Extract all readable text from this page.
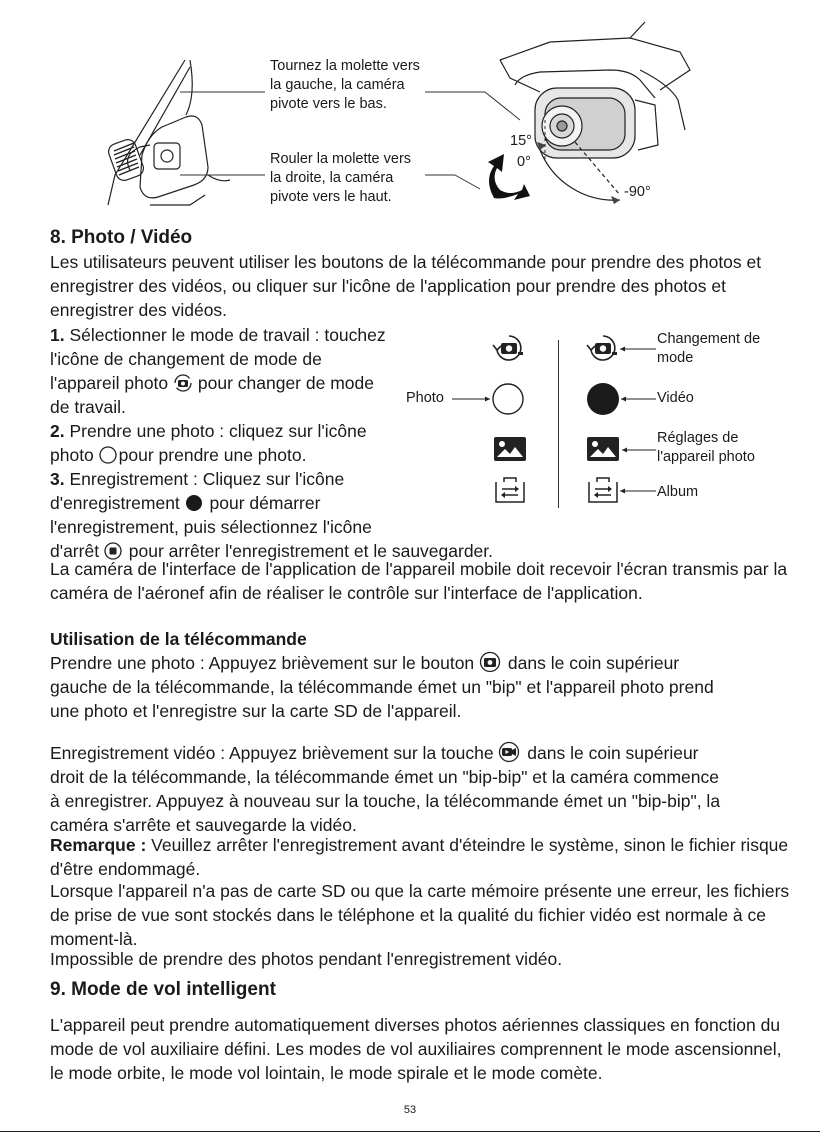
Tournez la molette vers
la gauche, la caméra
pivote vers le bas.
Rouler la molette vers
la droite, la caméra
pivote vers le haut.
15°
0°
-90°
8. Photo / Vidéo
Les utilisateurs peuvent utiliser les boutons de la télécommande pour prendre des photos et enregistrer des vidéos, ou cliquer sur l'icône de l'application pour prendre des photos et enregistrer des vidéos.
1. Sélectionner le mode de travail : touchez
l'icône de changement de mode de
l'appareil photo  pour changer de mode
de travail.
2. Prendre une photo : cliquez sur l'icône
photo pour prendre une photo.
3. Enregistrement : Cliquez sur l'icône
d'enregistrement  pour démarrer
l'enregistrement, puis sélectionnez l'icône
d'arrêt  pour arrêter l'enregistrement et le sauvegarder.
Photo
Changement de
mode
Vidéo
Réglages de
l'appareil photo
Album
La caméra de l'interface de l'application de l'appareil mobile doit recevoir l'écran transmis par la caméra de l'aéronef afin de réaliser le contrôle sur l'interface de l'application.
Utilisation de la télécommande
Prendre une photo : Appuyez brièvement sur le bouton  dans le coin supérieur
gauche de la télécommande, la télécommande émet un "bip" et l'appareil photo prend
une photo et l'enregistre sur la carte SD de l'appareil.
Enregistrement vidéo : Appuyez brièvement sur la touche  dans le coin supérieur
droit de la télécommande, la télécommande émet un "bip-bip" et la caméra commence
à enregistrer. Appuyez à nouveau sur la touche, la télécommande émet un "bip-bip", la
caméra s'arrête et sauvegarde la vidéo.
Remarque : Veuillez arrêter l'enregistrement avant d'éteindre le système, sinon le fichier risque d'être endommagé.
Lorsque l'appareil n'a pas de carte SD ou que la carte mémoire présente une erreur, les fichiers de prise de vue sont stockés dans le téléphone et la qualité du fichier vidéo est normale à ce moment-là.
Impossible de prendre des photos pendant l'enregistrement vidéo.
9. Mode de vol intelligent
L'appareil peut prendre automatiquement diverses photos aériennes classiques en fonction du mode de vol auxiliaire défini. Les modes de vol auxiliaires comprennent le mode ascensionnel, le mode orbite, le mode vol lointain, le mode spirale et le mode comète.
53
